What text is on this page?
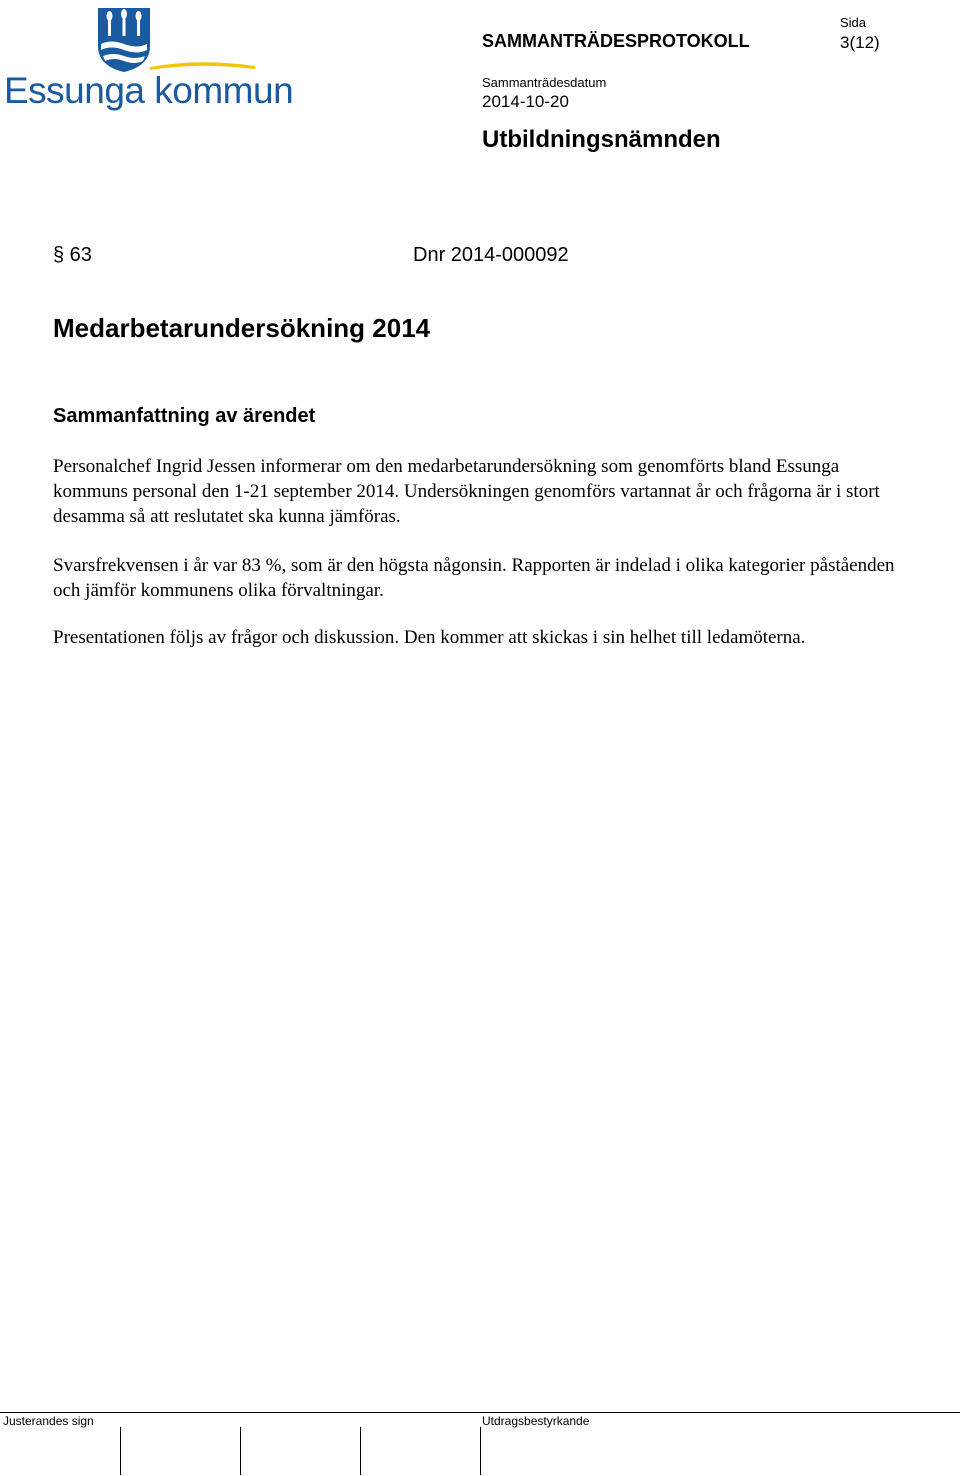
Essunga kommun
SAMMANTRÄDESPROTOKOLL
Sida
3(12)
Sammanträdesdatum
2014-10-20
Utbildningsnämnden
§ 63	Dnr 2014-000092
Medarbetarundersökning 2014
Sammanfattning av ärendet

Personalchef Ingrid Jessen informerar om den medarbetarundersökning som genomförts bland Essunga kommuns personal den 1-21 september 2014. Undersökningen genomförs vartannat år och frågorna är i stort desamma så att reslutatet ska kunna jämföras.

Svarsfrekvensen i år var 83 %, som är den högsta någonsin. Rapporten är indelad i olika kategorier påståenden och jämför kommunens olika förvaltningar.

Presentationen följs av frågor och diskussion. Den kommer att skickas i sin helhet till ledamöterna.

Justerandes sign	Utdragsbestyrkande
